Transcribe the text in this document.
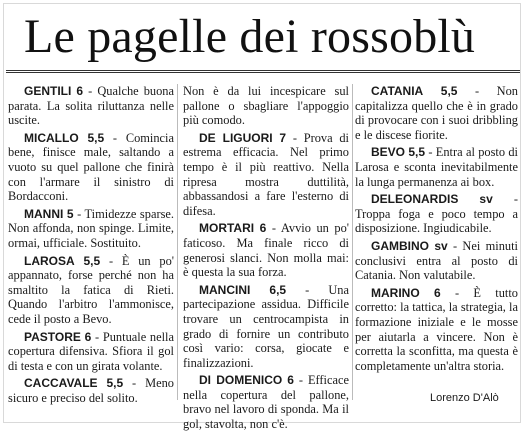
Le pagelle dei rossoblù

GENTILI 6 - Qualche buona parata. La solita riluttanza nelle uscite.

MICALLO 5,5 - Comincia bene, finisce male, saltando a vuoto su quel pallone che finirà con l'armare il sinistro di Bordacconi.

MANNI 5 - Timidezze sparse. Non affonda, non spinge. Limite, ormai, ufficiale. Sostituito.

LAROSA 5,5 - È un po' appannato, forse perché non ha smaltito la fatica di Rieti. Quando l'arbitro l'ammonisce, cede il posto a Bevo.

PASTORE 6 - Puntuale nella copertura difensiva. Sfiora il gol di testa e con un girata volante.

CACCAVALE 5,5 - Meno sicuro e preciso del solito.

Non è da lui incespicare sul pallone o sbagliare l'appoggio più comodo.

DE LIGUORI 7 - Prova di estrema efficacia. Nel primo tempo è il più reattivo. Nella ripresa mostra duttilità, abbassandosi a fare l'esterno di difesa.

MORTARI 6 - Avvio un po' faticoso. Ma finale ricco di generosi slanci. Non molla mai: è questa la sua forza.

MANCINI 6,5 - Una partecipazione assidua. Difficile trovare un centrocampista in grado di fornire un contributo così vario: corsa, giocate e finalizzazioni.

DI DOMENICO 6 - Efficace nella copertura del pallone, bravo nel lavoro di sponda. Ma il gol, stavolta, non c'è.

CATANIA 5,5 - Non capitalizza quello che è in grado di provocare con i suoi dribbling e le discese fiorite.

BEVO 5,5 - Entra al posto di Larosa e sconta inevitabilmente la lunga permanenza ai box.

DELEONARDIS sv - Troppa foga e poco tempo a disposizione. Ingiudicabile.

GAMBINO sv - Nei minuti conclusivi entra al posto di Catania. Non valutabile.

MARINO 6 - È tutto corretto: la tattica, la strategia, la formazione iniziale e le mosse per aiutarla a vincere. Non è corretta la sconfitta, ma questa è completamente un'altra storia.

Lorenzo D'Alò
